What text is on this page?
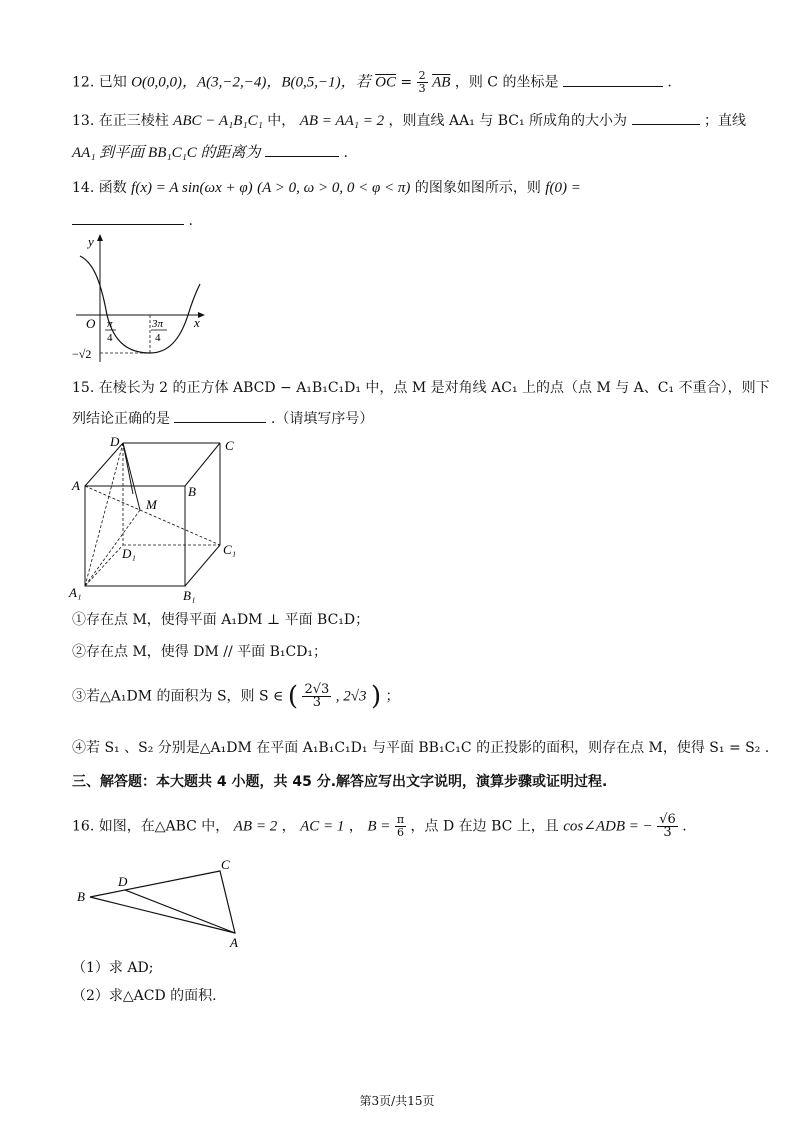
12. 已知 O(0,0,0)，A(3,−2,−4)，B(0,5,−1)，若 $\overline{OC} = \frac{2}{3} \overline{AB}$ ，则 C 的坐标是	.
13. 在正三棱柱 ABC − A₁B₁C₁ 中， AB = AA₁ = 2 ，则直线 AA₁ 与 BC₁ 所成角的大小为	；直线
AA₁ 到平面 BB₁C₁C 的距离为	.
14. 函数 f(x) = A sin(ωx + φ) (A > 0, ω > 0, 0 < φ < π) 的图象如图所示，则 f(0) =
.
y
x
O π
4
3π
4
−√2
15. 在棱长为 2 的正方体 ABCD − A₁B₁C₁D₁ 中，点 M 是对角线 AC₁ 上的点（点 M 与 A、C₁ 不重合），则下
列结论正确的是	.（请填写序号）
D	C
A	B
M
D₁	C₁
A₁	B₁
①存在点 M，使得平面 A₁DM ⊥ 平面 BC₁D；
②存在点 M，使得 DM // 平面 B₁CD₁；
③若△A₁DM 的面积为 S，则 S ∈ ( $\frac{2√3}{3}$ , 2√3 ) ；
④若 S₁ 、S₂ 分别是△A₁DM 在平面 A₁B₁C₁D₁ 与平面 BB₁C₁C 的正投影的面积，则存在点 M，使得 S₁ = S₂ .
三、解答题：本大题共 4 小题，共 45 分.解答应写出文字说明，演算步骤或证明过程.
16. 如图，在△ABC 中， AB = 2 ， AC = 1 ， $B = \frac{\pi}{6}$ ，点 D 在边 BC 上，且 cos∠ADB = − $\frac{√6}{3}$ .
B
D
C
A
（1）求 AD;
（2）求△ACD 的面积.
第3页/共15页
